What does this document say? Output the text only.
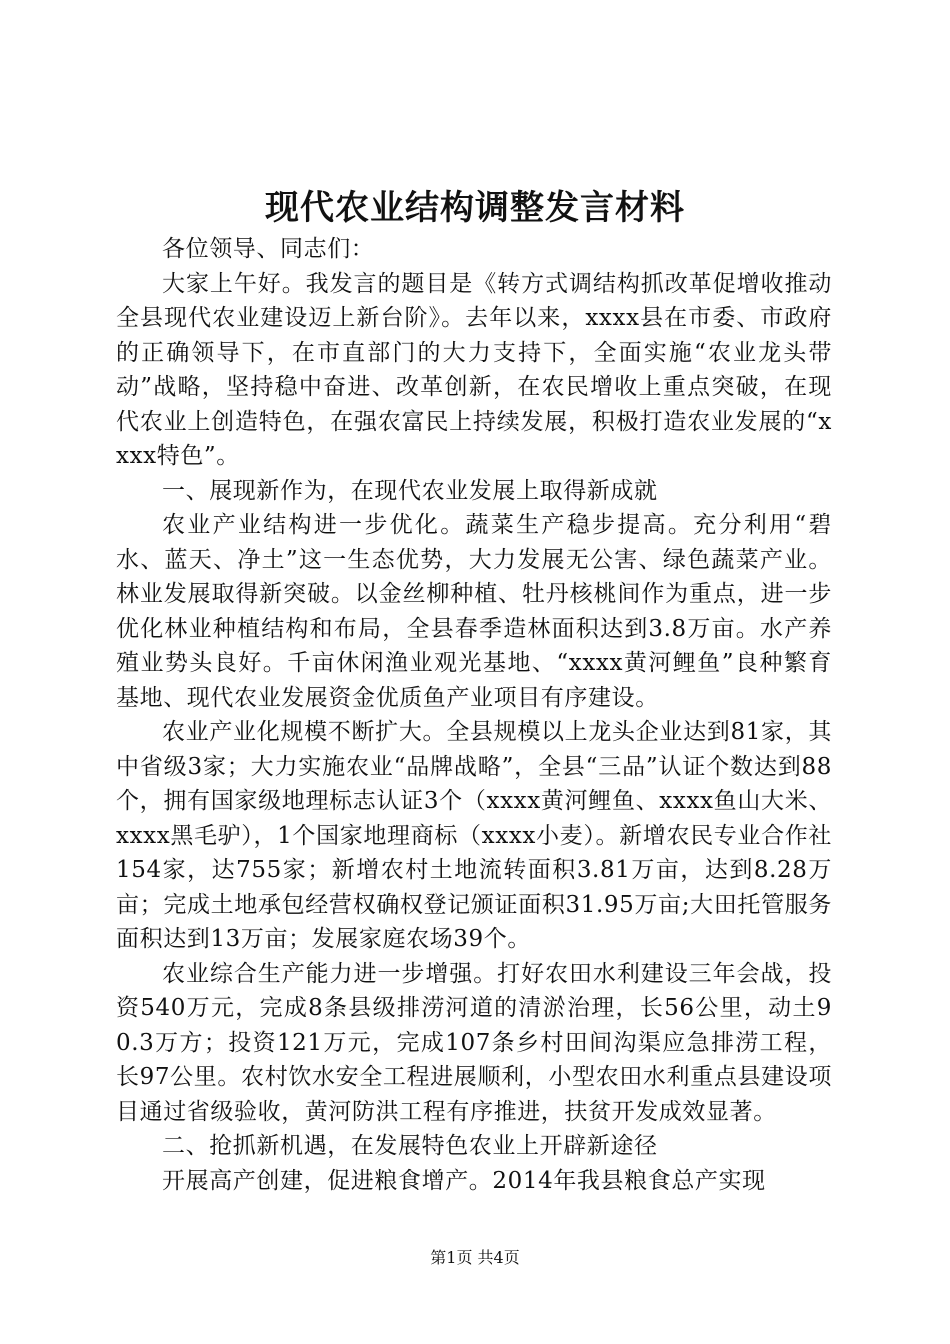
现代农业结构调整发言材料

各位领导、同志们：

大家上午好。我发言的题目是《转方式调结构抓改革促增收推动全县现代农业建设迈上新台阶》。去年以来，xxxx县在市委、市政府的正确领导下，在市直部门的大力支持下，全面实施“农业龙头带动”战略，坚持稳中奋进、改革创新，在农民增收上重点突破，在现代农业上创造特色，在强农富民上持续发展，积极打造农业发展的“xxxx特色”。

一、展现新作为，在现代农业发展上取得新成就

农业产业结构进一步优化。蔬菜生产稳步提高。充分利用“碧水、蓝天、净土”这一生态优势，大力发展无公害、绿色蔬菜产业。林业发展取得新突破。以金丝柳种植、牡丹核桃间作为重点，进一步优化林业种植结构和布局，全县春季造林面积达到3.8万亩。水产养殖业势头良好。千亩休闲渔业观光基地、“xxxx黄河鲤鱼”良种繁育基地、现代农业发展资金优质鱼产业项目有序建设。

农业产业化规模不断扩大。全县规模以上龙头企业达到81家，其中省级3家；大力实施农业“品牌战略”，全县“三品”认证个数达到88个，拥有国家级地理标志认证3个（xxxx黄河鲤鱼、xxxx鱼山大米、xxxx黑毛驴），1个国家地理商标（xxxx小麦）。新增农民专业合作社154家，达755家；新增农村土地流转面积3.81万亩，达到8.28万亩；完成土地承包经营权确权登记颁证面积31.95万亩;大田托管服务面积达到13万亩；发展家庭农场39个。

农业综合生产能力进一步增强。打好农田水利建设三年会战，投资540万元，完成8条县级排涝河道的清淤治理，长56公里，动土90.3万方；投资121万元，完成107条乡村田间沟渠应急排涝工程，长97公里。农村饮水安全工程进展顺利，小型农田水利重点县建设项目通过省级验收，黄河防洪工程有序推进，扶贫开发成效显著。

二、抢抓新机遇，在发展特色农业上开辟新途径

开展高产创建，促进粮食增产。2014年我县粮食总产实现

第1页 共4页
